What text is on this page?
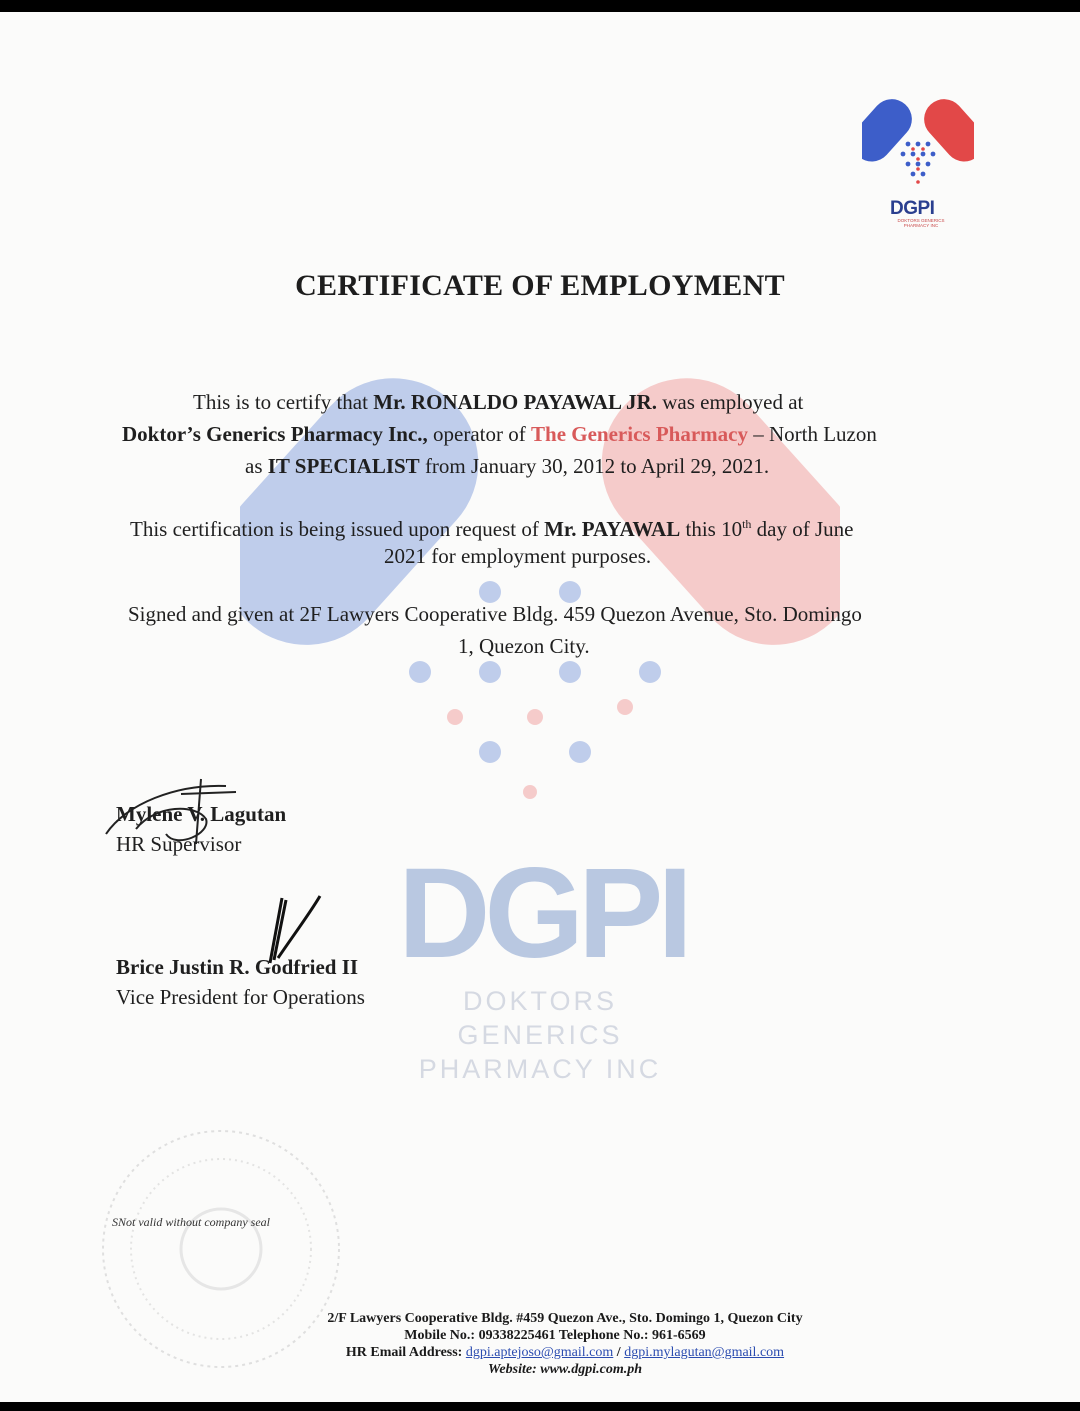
DGPI
DOKTORS GENERICS PHARMACY INC
DGPI
DOKTORS GENERICS PHARMACY INC
CERTIFICATE OF EMPLOYMENT
This is to certify that Mr. RONALDO PAYAWAL JR. was employed at
Doktor’s Generics Pharmacy Inc., operator of The Generics Pharmacy – North Luzon
as IT SPECIALIST from January 30, 2012 to April 29, 2021.
This certification is being issued upon request of Mr. PAYAWAL this 10th day of June
2021 for employment purposes.
Signed and given at 2F Lawyers Cooperative Bldg. 459 Quezon Avenue, Sto. Domingo
1, Quezon City.
Mylene V. Lagutan
HR Supervisor
Brice Justin R. Godfried II
Vice President for Operations
SNot valid without company seal
2/F Lawyers Cooperative Bldg. #459 Quezon Ave., Sto. Domingo 1, Quezon City
Mobile No.: 09338225461 Telephone No.: 961-6569
HR Email Address: dgpi.aptejoso@gmail.com / dgpi.mylagutan@gmail.com
Website: www.dgpi.com.ph
